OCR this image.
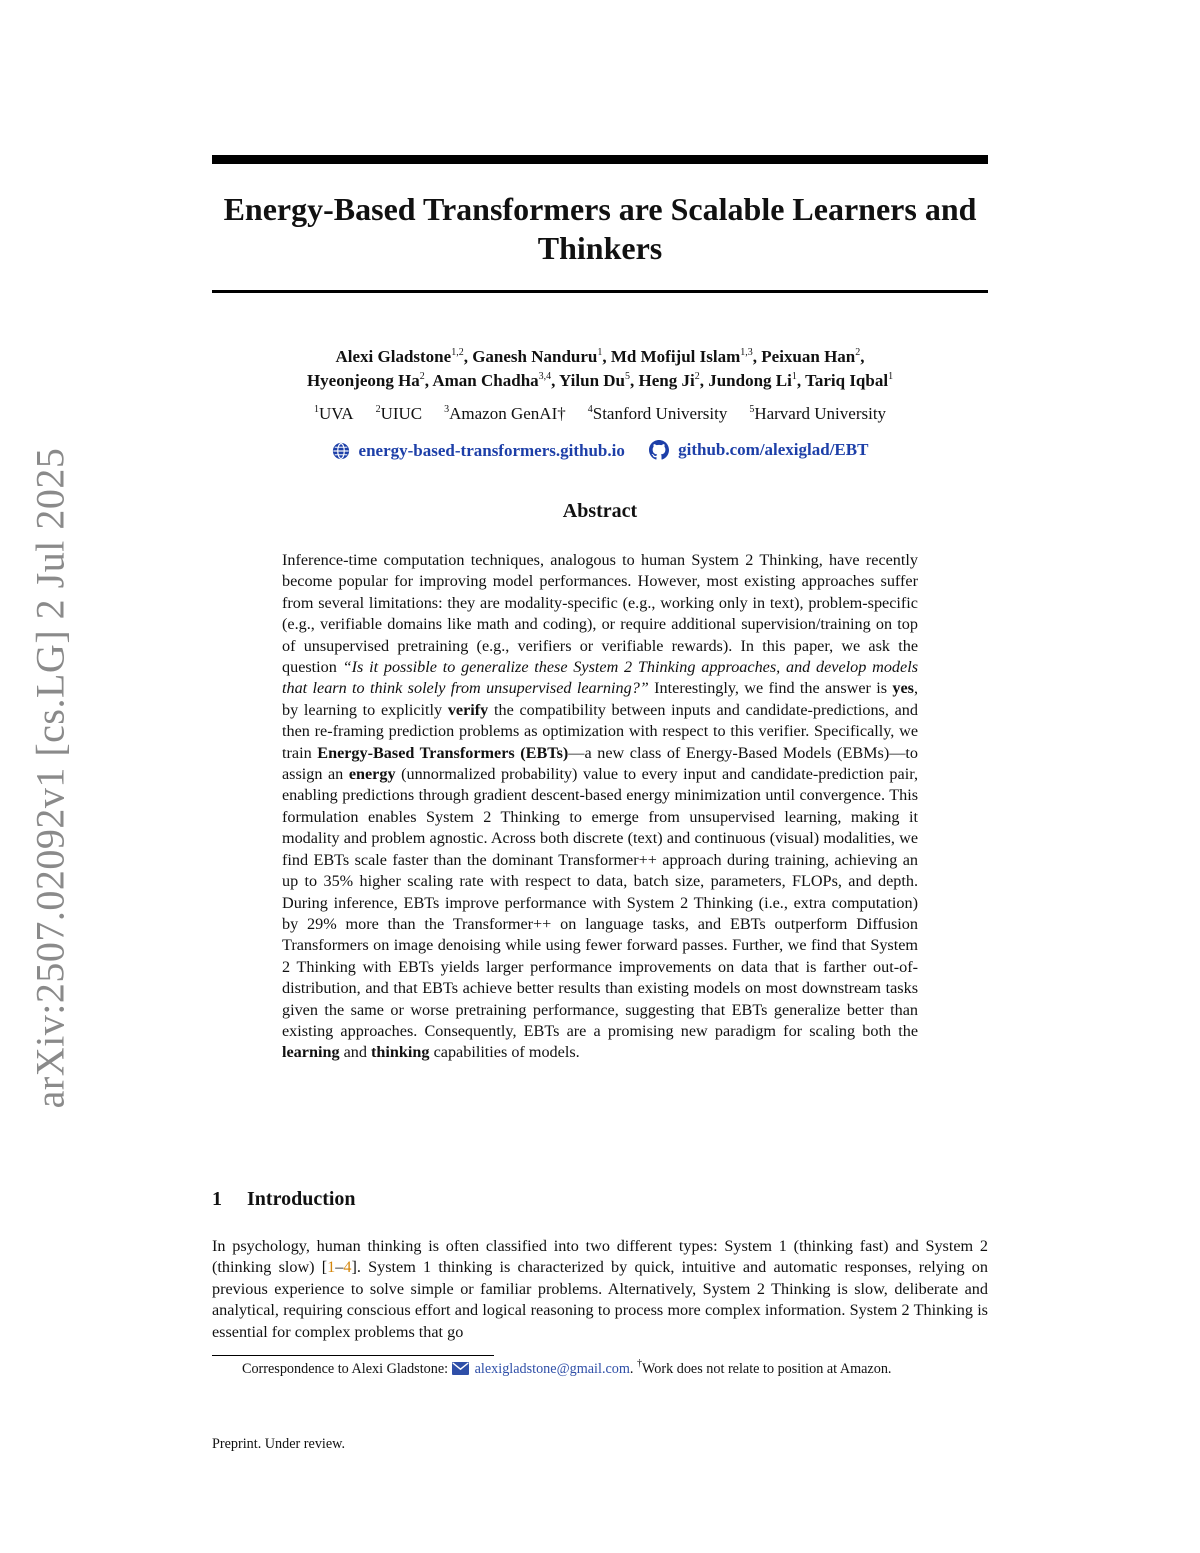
arXiv:2507.02092v1 [cs.LG] 2 Jul 2025
Energy-Based Transformers are Scalable Learners and Thinkers
Alexi Gladstone$^{1,2}$, Ganesh Nanduru$^1$, Md Mofijul Islam$^{1,3}$, Peixuan Han$^2$,
Hyeonjeong Ha$^2$, Aman Chadha$^{3,4}$, Yilun Du$^5$, Heng Ji$^2$, Jundong Li$^1$, Tariq Iqbal$^1$
$^1$UVA $^2$UIUC $^3$Amazon GenAI† $^4$Stanford University $^5$Harvard University
energy-based-transformers.github.io
	github.com/alexiglad/EBT
Abstract

Inference-time computation techniques, analogous to human System 2 Thinking, have recently become popular for improving model performances. However, most existing approaches suffer from several limitations: they are modality-specific (e.g., working only in text), problem-specific (e.g., verifiable domains like math and coding), or require additional supervision/training on top of unsupervised pretraining (e.g., verifiers or verifiable rewards). In this paper, we ask the question “Is it possible to generalize these System 2 Thinking approaches, and develop models that learn to think solely from unsupervised learning?” Interestingly, we find the answer is yes, by learning to explicitly verify the compatibility between inputs and candidate-predictions, and then re-framing prediction problems as optimization with respect to this verifier. Specifically, we train Energy-Based Transformers (EBTs)—a new class of Energy-Based Models (EBMs)—to assign an energy (unnormalized probability) value to every input and candidate-prediction pair, enabling predictions through gradient descent-based energy minimization until convergence. This formulation enables System 2 Thinking to emerge from unsupervised learning, making it modality and problem agnostic. Across both discrete (text) and continuous (visual) modalities, we find EBTs scale faster than the dominant Transformer++ approach during training, achieving an up to 35% higher scaling rate with respect to data, batch size, parameters, FLOPs, and depth. During inference, EBTs improve performance with System 2 Thinking (i.e., extra computation) by 29% more than the Transformer++ on language tasks, and EBTs outperform Diffusion Transformers on image denoising while using fewer forward passes. Further, we find that System 2 Thinking with EBTs yields larger performance improvements on data that is farther out-of-distribution, and that EBTs achieve better results than existing models on most downstream tasks given the same or worse pretraining performance, suggesting that EBTs generalize better than existing approaches. Consequently, EBTs are a promising new paradigm for scaling both the learning and thinking capabilities of models.

1 Introduction

In psychology, human thinking is often classified into two different types: System 1 (thinking fast) and System 2 (thinking slow) [1–4]. System 1 thinking is characterized by quick, intuitive and automatic responses, relying on previous experience to solve simple or familiar problems. Alternatively, System 2 Thinking is slow, deliberate and analytical, requiring conscious effort and logical reasoning to process more complex information. System 2 Thinking is essential for complex problems that go

Correspondence to Alexi Gladstone: alexigladstone@gmail.com. †Work does not relate to position at Amazon.

Preprint. Under review.
